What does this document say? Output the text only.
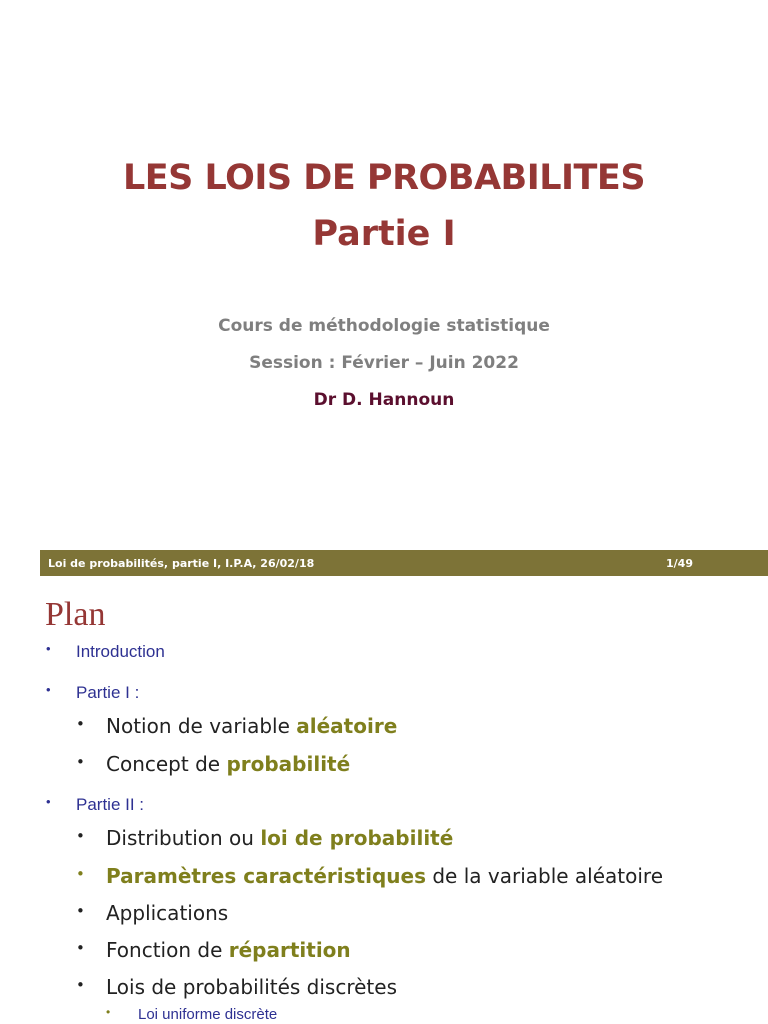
LES LOIS DE PROBABILITES
Partie I
Cours de méthodologie statistique
Session : Février – Juin 2022
Dr D. Hannoun
Loi de probabilités, partie I, I.P.A, 26/02/18	1/49
Plan
• Introduction
• Partie I :
• Notion de variable aléatoire
• Concept de probabilité
• Partie II :
• Distribution ou loi de probabilité
• Paramètres caractéristiques de la variable aléatoire
• Applications
• Fonction de répartition
• Lois de probabilités discrètes
• Loi uniforme discrète
